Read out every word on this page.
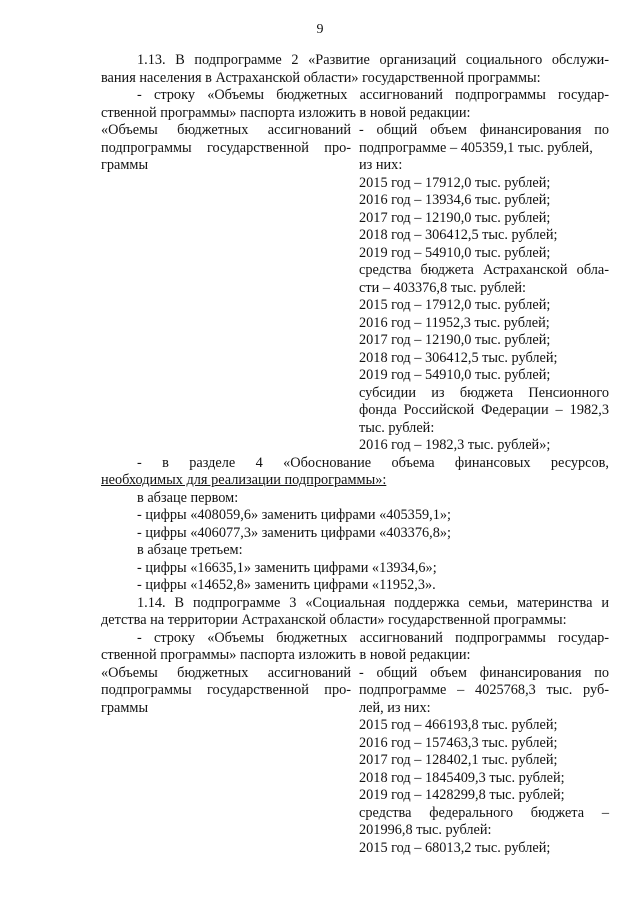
9

1.13. В подпрограмме 2 «Развитие организаций социального обслужи-

вания населения в Астраханской области» государственной программы:

- строку «Объемы бюджетных ассигнований подпрограммы государ-

ственной программы» паспорта изложить в новой редакции:

«Объемы бюджетных ассигнований
подпрограммы государственной про-
граммы
- общий объем финансирования по
подпрограмме – 405359,1 тыс. рублей,
из них:
2015 год – 17912,0 тыс. рублей;
2016 год – 13934,6 тыс. рублей;
2017 год – 12190,0 тыс. рублей;
2018 год – 306412,5 тыс. рублей;
2019 год – 54910,0 тыс. рублей;
средства бюджета Астраханской обла-
сти – 403376,8 тыс. рублей:
2015 год – 17912,0 тыс. рублей;
2016 год – 11952,3 тыс. рублей;
2017 год – 12190,0 тыс. рублей;
2018 год – 306412,5 тыс. рублей;
2019 год – 54910,0 тыс. рублей;
субсидии из бюджета Пенсионного
фонда Российской Федерации – 1982,3
тыс. рублей:
2016 год – 1982,3 тыс. рублей»;

- в разделе 4 «Обоснование объема финансовых ресурсов,

необходимых для реализации подпрограммы»:

в абзаце первом:

- цифры «408059,6» заменить цифрами «405359,1»;

- цифры «406077,3» заменить цифрами «403376,8»;

в абзаце третьем:

- цифры «16635,1» заменить цифрами «13934,6»;

- цифры «14652,8» заменить цифрами «11952,3».

1.14. В подпрограмме 3 «Социальная поддержка семьи, материнства и

детства на территории Астраханской области» государственной программы:

- строку «Объемы бюджетных ассигнований подпрограммы государ-

ственной программы» паспорта изложить в новой редакции:

«Объемы бюджетных ассигнований
подпрограммы государственной про-
граммы
- общий объем финансирования по
подпрограмме – 4025768,3 тыс. руб-
лей, из них:
2015 год – 466193,8 тыс. рублей;
2016 год – 157463,3 тыс. рублей;
2017 год – 128402,1 тыс. рублей;
2018 год – 1845409,3 тыс. рублей;
2019 год – 1428299,8 тыс. рублей;
средства федерального бюджета –
201996,8 тыс. рублей:
2015 год – 68013,2 тыс. рублей;
